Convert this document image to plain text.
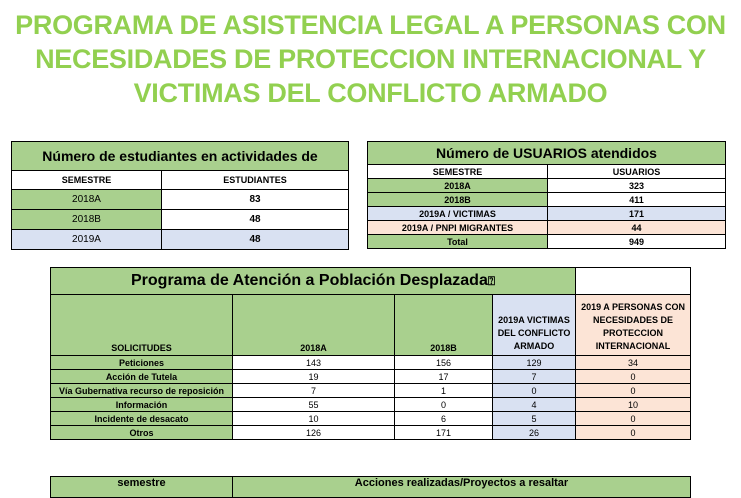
PROGRAMA DE ASISTENCIA LEGAL A PERSONAS CON
NECESIDADES DE PROTECCION INTERNACIONAL Y
VICTIMAS DEL CONFLICTO ARMADO
Número de estudiantes en actividades de	
SEMESTRE	ESTUDIANTES
2018A	83
2018B	48
2019A	48
Número de USUARIOS atendidos	
SEMESTRE	USUARIOS
2018A	323
2018B	411
2019A / VICTIMAS	171
2019A / PNPI MIGRANTES	44
Total	949
Programa de Atención a Población Desplazada⍰				
SOLICITUDES	2018A	2018B	2019A VICTIMAS DEL CONFLICTO ARMADO	2019 A PERSONAS CON NECESIDADES DE PROTECCION INTERNACIONAL
Peticiones	143	156	129	34
Acción de Tutela	19	17	7	0
Vía Gubernativa recurso de reposición	7	1	0	0
Información	55	0	4	10
Incidente de desacato	10	6	5	0
Otros	126	171	26	0
semestre	Acciones realizadas/Proyectos a resaltar
